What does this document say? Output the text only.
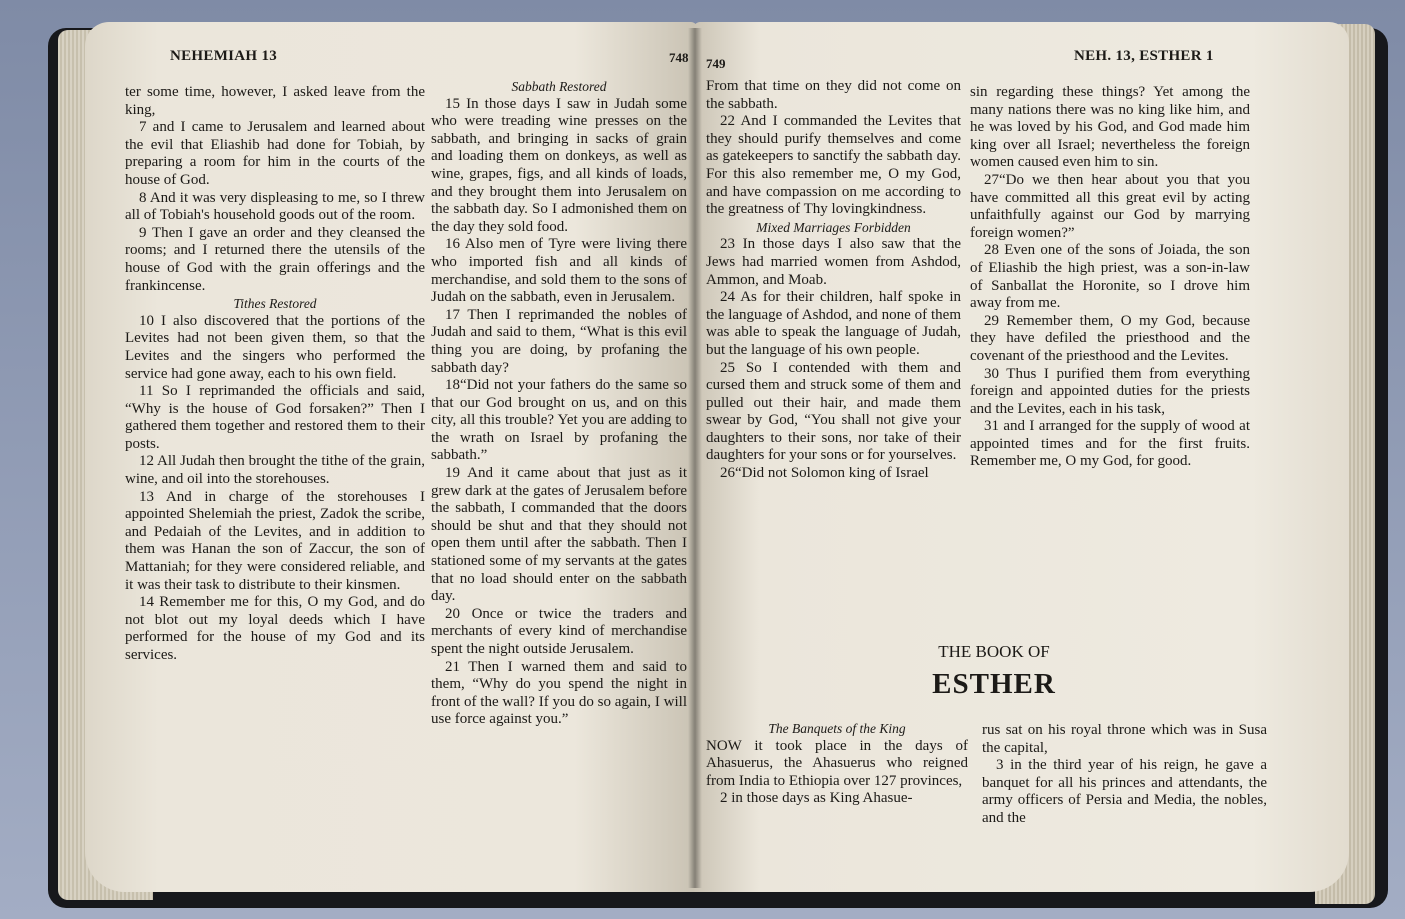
NEHEMIAH 13	748

ter some time, however, I asked leave from the king,

7 and I came to Jerusalem and learned about the evil that Eliashib had done for Tobiah, by preparing a room for him in the courts of the house of God.

8 And it was very displeasing to me, so I threw all of Tobiah's household goods out of the room.

9 Then I gave an order and they cleansed the rooms; and I returned there the utensils of the house of God with the grain offerings and the frankincense.

Tithes Restored

10 I also discovered that the portions of the Levites had not been given them, so that the Levites and the singers who performed the service had gone away, each to his own field.

11 So I reprimanded the officials and said, “Why is the house of God forsaken?” Then I gathered them together and restored them to their posts.

12 All Judah then brought the tithe of the grain, wine, and oil into the storehouses.

13 And in charge of the storehouses I appointed Shelemiah the priest, Zadok the scribe, and Pedaiah of the Levites, and in addition to them was Hanan the son of Zaccur, the son of Mattaniah; for they were considered reliable, and it was their task to distribute to their kinsmen.

14 Remember me for this, O my God, and do not blot out my loyal deeds which I have performed for the house of my God and its services.

Sabbath Restored

15 In those days I saw in Judah some who were treading wine presses on the sabbath, and bringing in sacks of grain and loading them on donkeys, as well as wine, grapes, figs, and all kinds of loads, and they brought them into Jerusalem on the sabbath day. So I admonished them on the day they sold food.

16 Also men of Tyre were living there who imported fish and all kinds of merchandise, and sold them to the sons of Judah on the sabbath, even in Jerusalem.

17 Then I reprimanded the nobles of Judah and said to them, “What is this evil thing you are doing, by profaning the sabbath day?

18“Did not your fathers do the same so that our God brought on us, and on this city, all this trouble? Yet you are adding to the wrath on Israel by profaning the sabbath.”

19 And it came about that just as it grew dark at the gates of Jerusalem before the sabbath, I commanded that the doors should be shut and that they should not open them until after the sabbath. Then I stationed some of my servants at the gates that no load should enter on the sabbath day.

20 Once or twice the traders and merchants of every kind of merchandise spent the night outside Jerusalem.

21 Then I warned them and said to them, “Why do you spend the night in front of the wall? If you do so again, I will use force against you.”

749	NEH. 13, ESTHER 1

From that time on they did not come on the sabbath.

22 And I commanded the Levites that they should purify themselves and come as gatekeepers to sanctify the sabbath day. For this also remember me, O my God, and have compassion on me according to the greatness of Thy lovingkindness.

Mixed Marriages Forbidden

23 In those days I also saw that the Jews had married women from Ashdod, Ammon, and Moab.

24 As for their children, half spoke in the language of Ashdod, and none of them was able to speak the language of Judah, but the language of his own people.

25 So I contended with them and cursed them and struck some of them and pulled out their hair, and made them swear by God, “You shall not give your daughters to their sons, nor take of their daughters for your sons or for yourselves.

26“Did not Solomon king of Israel

sin regarding these things? Yet among the many nations there was no king like him, and he was loved by his God, and God made him king over all Israel; nevertheless the foreign women caused even him to sin.

27“Do we then hear about you that you have committed all this great evil by acting unfaithfully against our God by marrying foreign women?”

28 Even one of the sons of Joiada, the son of Eliashib the high priest, was a son-in-law of Sanballat the Horonite, so I drove him away from me.

29 Remember them, O my God, because they have defiled the priesthood and the covenant of the priesthood and the Levites.

30 Thus I purified them from everything foreign and appointed duties for the priests and the Levites, each in his task,

31 and I arranged for the supply of wood at appointed times and for the first fruits. Remember me, O my God, for good.

THE BOOK OF
ESTHER

The Banquets of the King

NOW it took place in the days of Ahasuerus, the Ahasuerus who reigned from India to Ethiopia over 127 provinces,

2 in those days as King Ahasue-

rus sat on his royal throne which was in Susa the capital,

3 in the third year of his reign, he gave a banquet for all his princes and attendants, the army officers of Persia and Media, the nobles, and the
